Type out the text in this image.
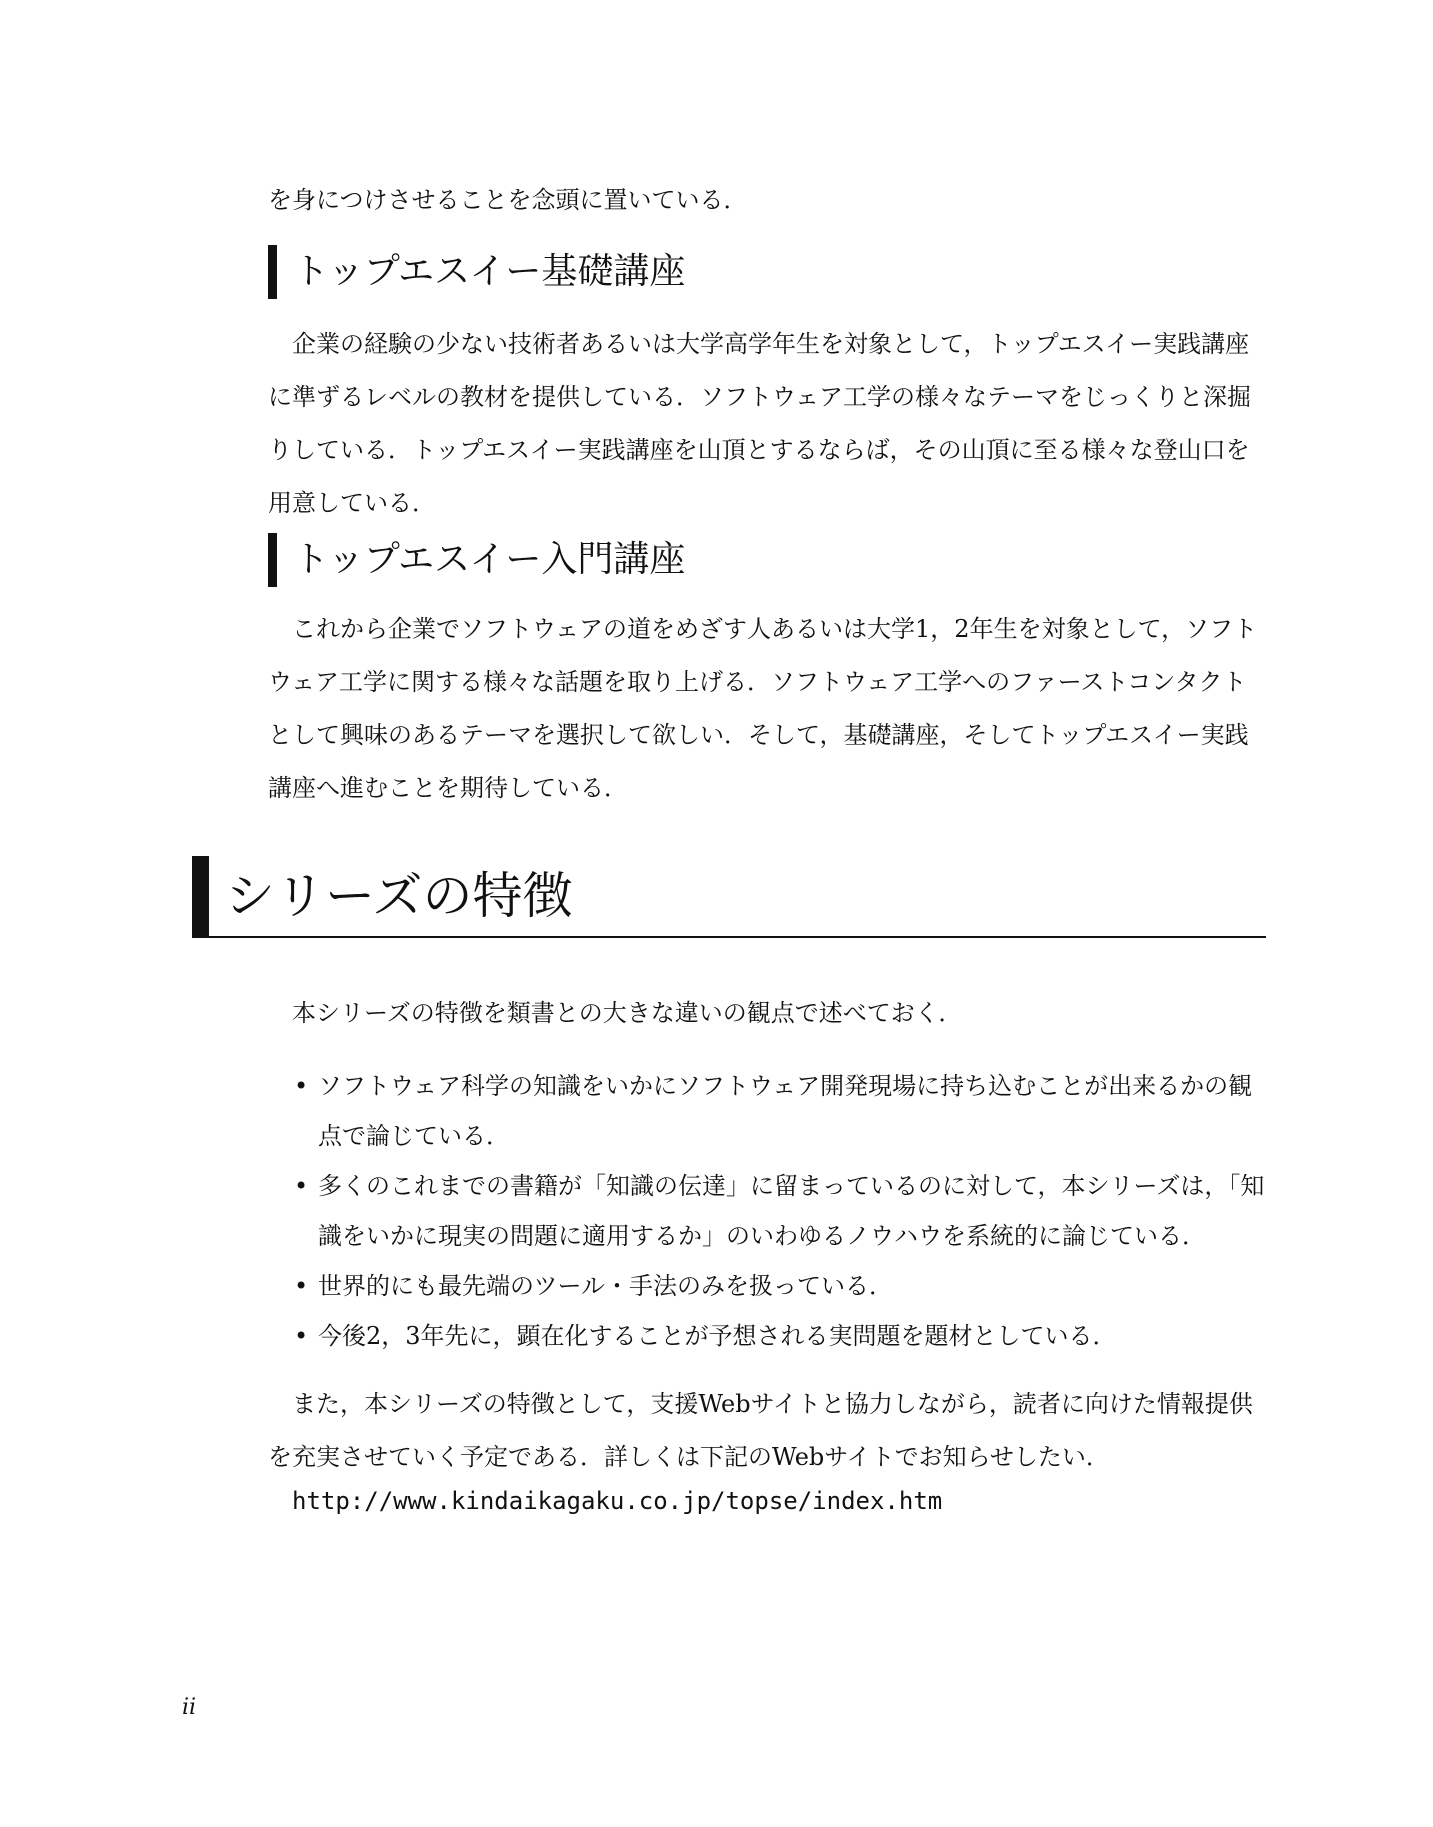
を身につけさせることを念頭に置いている．

トップエスイー基礎講座

企業の経験の少ない技術者あるいは大学高学年生を対象として，トップエスイー実践講座に準ずるレベルの教材を提供している．ソフトウェア工学の様々なテーマをじっくりと深掘りしている．トップエスイー実践講座を山頂とするならば，その山頂に至る様々な登山口を用意している．

トップエスイー入門講座

これから企業でソフトウェアの道をめざす人あるいは大学1，2年生を対象として，ソフトウェア工学に関する様々な話題を取り上げる．ソフトウェア工学へのファーストコンタクトとして興味のあるテーマを選択して欲しい．そして，基礎講座，そしてトップエスイー実践講座へ進むことを期待している．

シリーズの特徴

本シリーズの特徴を類書との大きな違いの観点で述べておく．

• ソフトウェア科学の知識をいかにソフトウェア開発現場に持ち込むことが出来るかの観点で論じている．
• 多くのこれまでの書籍が「知識の伝達」に留まっているのに対して，本シリーズは，「知識をいかに現実の問題に適用するか」のいわゆるノウハウを系統的に論じている．
• 世界的にも最先端のツール・手法のみを扱っている．
• 今後2，3年先に，顕在化することが予想される実問題を題材としている．

また，本シリーズの特徴として，支援Webサイトと協力しながら，読者に向けた情報提供を充実させていく予定である．詳しくは下記のWebサイトでお知らせしたい．

http://www.kindaikagaku.co.jp/topse/index.htm
ii
